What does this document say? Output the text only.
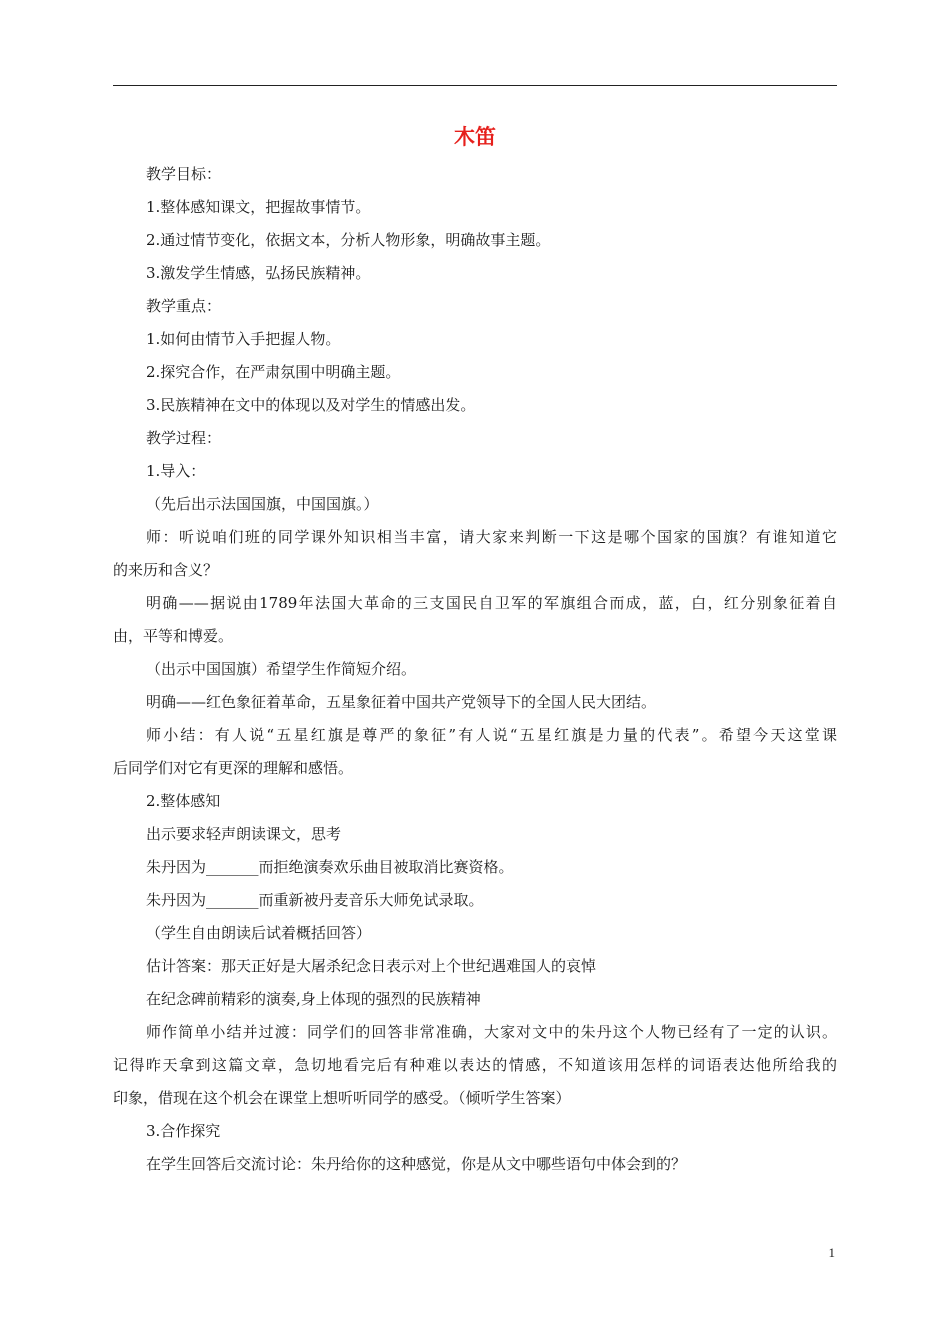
木笛
教学目标：
1.整体感知课文，把握故事情节。
2.通过情节变化，依据文本，分析人物形象，明确故事主题。
3.激发学生情感，弘扬民族精神。
教学重点：
1.如何由情节入手把握人物。
2.探究合作，在严肃氛围中明确主题。
3.民族精神在文中的体现以及对学生的情感出发。
教学过程：
1.导入：
（先后出示法国国旗，中国国旗。）
师：听说咱们班的同学课外知识相当丰富，请大家来判断一下这是哪个国家的国旗？有谁知道它
的来历和含义？
明确——据说由1789年法国大革命的三支国民自卫军的军旗组合而成，蓝，白，红分别象征着自
由，平等和博爱。
（出示中国国旗）希望学生作简短介绍。
明确——红色象征着革命，五星象征着中国共产党领导下的全国人民大团结。
师小结：有人说“五星红旗是尊严的象征”有人说“五星红旗是力量的代表”。希望今天这堂课
后同学们对它有更深的理解和感悟。
2.整体感知
出示要求轻声朗读课文，思考
朱丹因为_______而拒绝演奏欢乐曲目被取消比赛资格。
朱丹因为_______而重新被丹麦音乐大师免试录取。
（学生自由朗读后试着概括回答）
估计答案：那天正好是大屠杀纪念日表示对上个世纪遇难国人的哀悼
在纪念碑前精彩的演奏,身上体现的强烈的民族精神
师作简单小结并过渡：同学们的回答非常准确，大家对文中的朱丹这个人物已经有了一定的认识。
记得昨天拿到这篇文章，急切地看完后有种难以表达的情感，不知道该用怎样的词语表达他所给我的
印象，借现在这个机会在课堂上想听听同学的感受。（倾听学生答案）
3.合作探究
在学生回答后交流讨论：朱丹给你的这种感觉，你是从文中哪些语句中体会到的？
1
